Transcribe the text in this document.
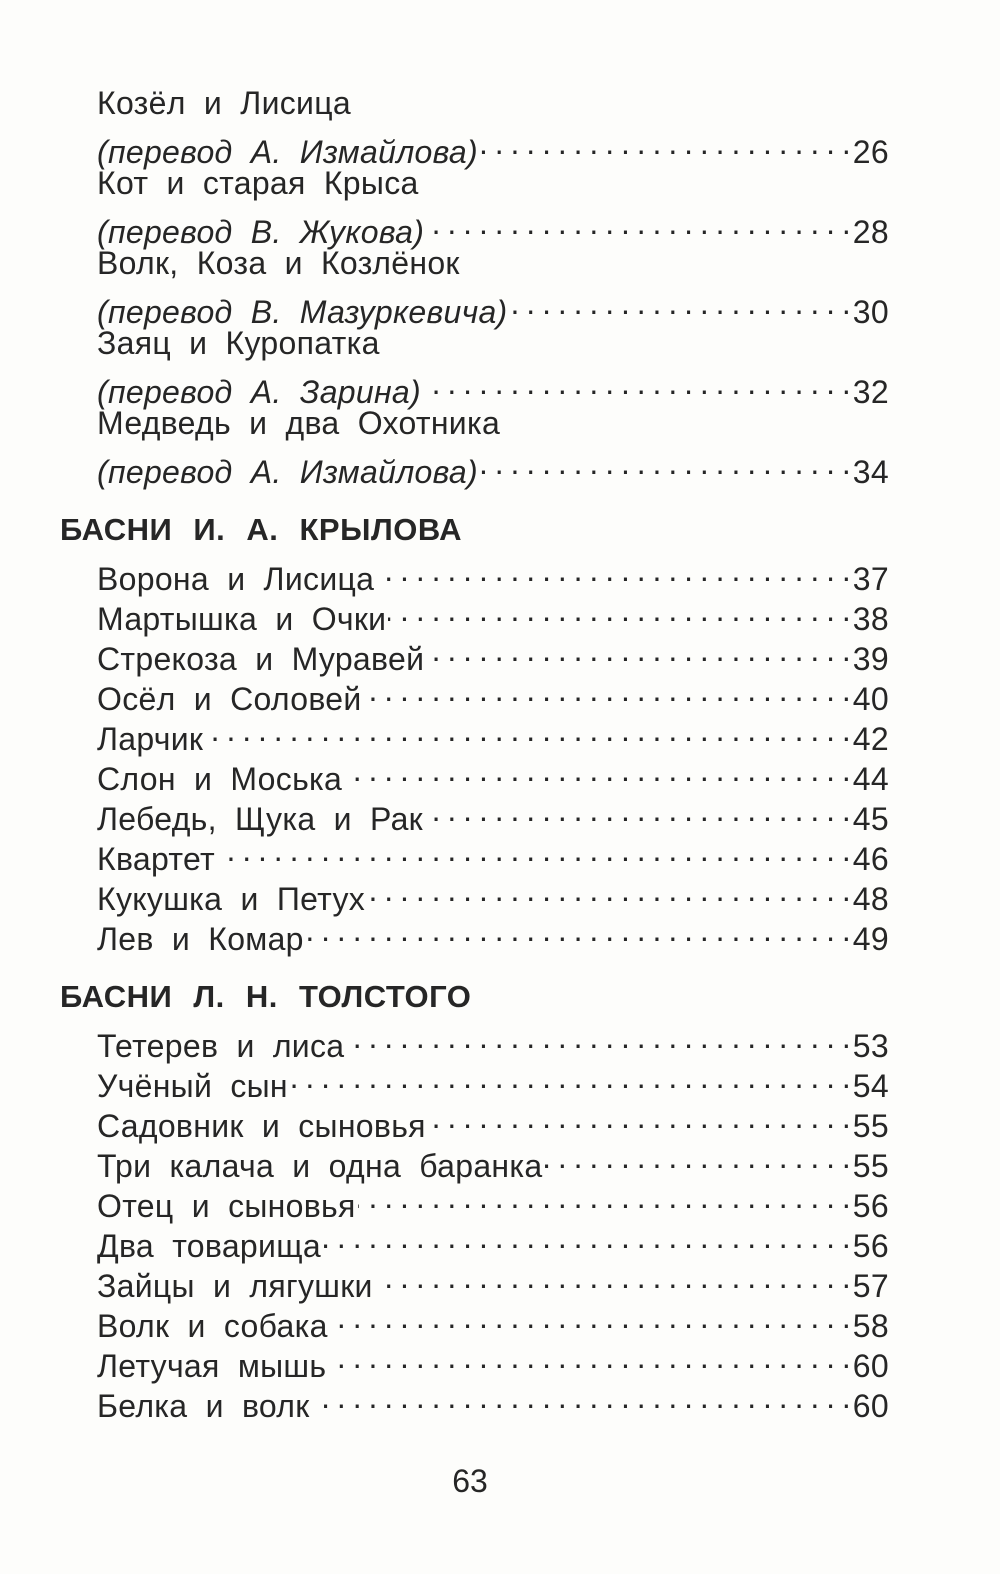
Козёл и Лисица
(перевод А. Измайлова) . . .	26
Кот и старая Крыса
(перевод В. Жукова) . . .	28
Волк, Коза и Козлёнок
(перевод В. Мазуркевича) . . .	30
Заяц и Куропатка
(перевод А. Зарина) . . .	32
Медведь и два Охотника
(перевод А. Измайлова) . . .	34
БАСНИ И. А. КРЫЛОВА
Ворона и Лисица . . .	37
Мартышка и Очки . . .	38
Стрекоза и Муравей . . .	39
Осёл и Соловей . . .	40
Ларчик . . .	42
Слон и Моська . . .	44
Лебедь, Щука и Рак . . .	45
Квартет . . .	46
Кукушка и Петух . . .	48
Лев и Комар . . .	49
БАСНИ Л. Н. ТОЛСТОГО
Тетерев и лиса . . .	53
Учёный сын . . .	54
Садовник и сыновья . . .	55
Три калача и одна баранка . . .	55
Отец и сыновья . . .	56
Два товарища . . .	56
Зайцы и лягушки . . .	57
Волк и собака . . .	58
Летучая мышь . . .	60
Белка и волк . . .	60
63
